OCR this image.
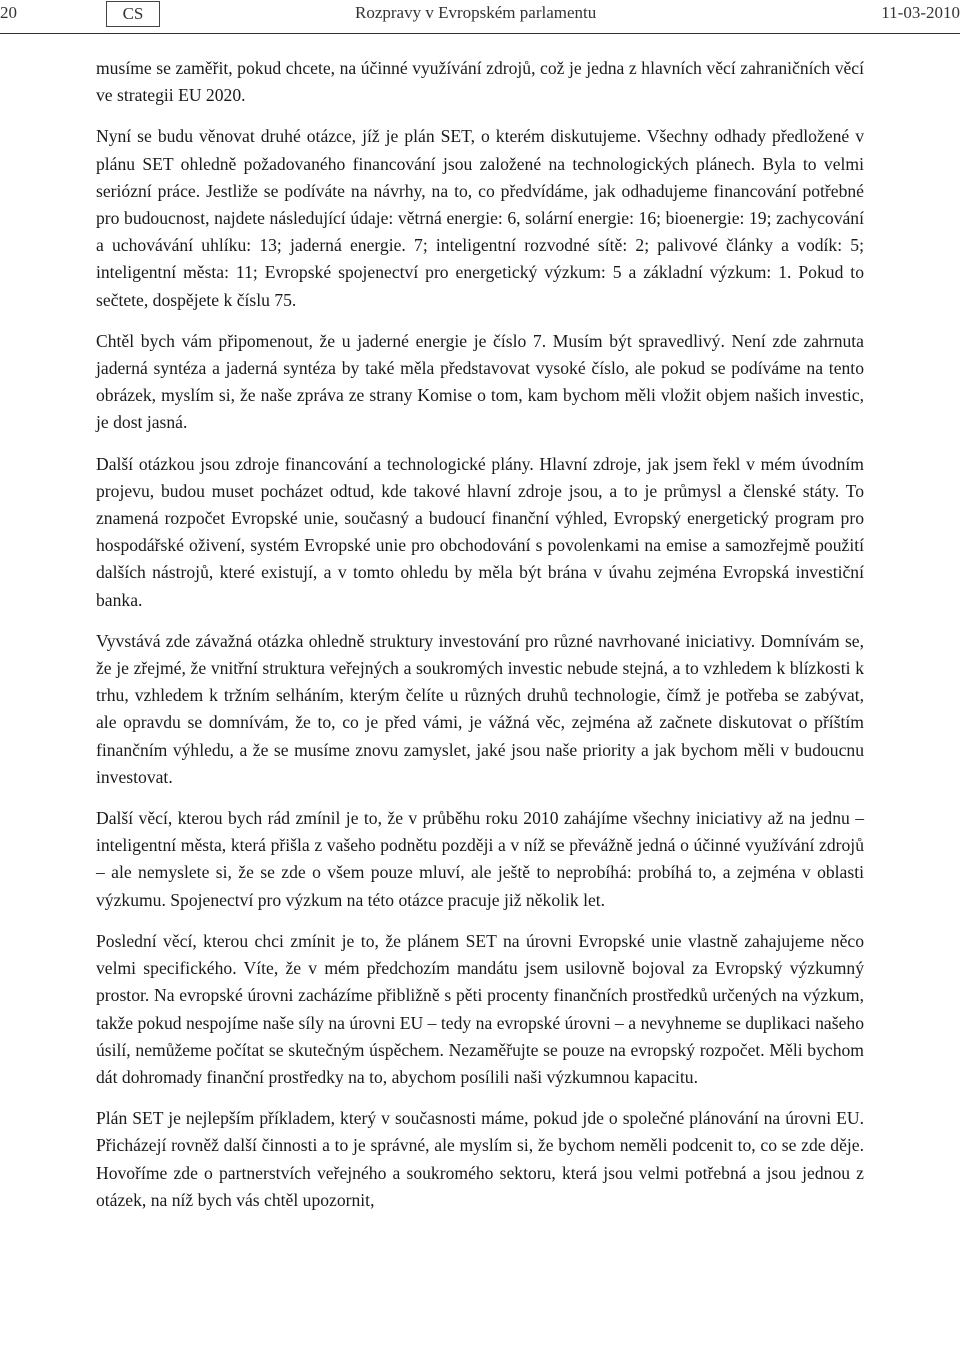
20	CS	Rozpravy v Evropském parlamentu	11-03-2010

musíme se zaměřit, pokud chcete, na účinné využívání zdrojů, což je jedna z hlavních věcí zahraničních věcí ve strategii EU 2020.

Nyní se budu věnovat druhé otázce, jíž je plán SET, o kterém diskutujeme. Všechny odhady předložené v plánu SET ohledně požadovaného financování jsou založené na technologických plánech. Byla to velmi seriózní práce. Jestliže se podíváte na návrhy, na to, co předvídáme, jak odhadujeme financování potřebné pro budoucnost, najdete následující údaje: větrná energie: 6, solární energie: 16; bioenergie: 19; zachycování a uchovávání uhlíku: 13; jaderná energie. 7; inteligentní rozvodné sítě: 2; palivové články a vodík: 5; inteligentní města: 11; Evropské spojenectví pro energetický výzkum: 5 a základní výzkum: 1. Pokud to sečtete, dospějete k číslu 75.

Chtěl bych vám připomenout, že u jaderné energie je číslo 7. Musím být spravedlivý. Není zde zahrnuta jaderná syntéza a jaderná syntéza by také měla představovat vysoké číslo, ale pokud se podíváme na tento obrázek, myslím si, že naše zpráva ze strany Komise o tom, kam bychom měli vložit objem našich investic, je dost jasná.

Další otázkou jsou zdroje financování a technologické plány. Hlavní zdroje, jak jsem řekl v mém úvodním projevu, budou muset pocházet odtud, kde takové hlavní zdroje jsou, a to je průmysl a členské státy. To znamená rozpočet Evropské unie, současný a budoucí finanční výhled, Evropský energetický program pro hospodářské oživení, systém Evropské unie pro obchodování s povolenkami na emise a samozřejmě použití dalších nástrojů, které existují, a v tomto ohledu by měla být brána v úvahu zejména Evropská investiční banka.

Vyvstává zde závažná otázka ohledně struktury investování pro různé navrhované iniciativy. Domnívám se, že je zřejmé, že vnitřní struktura veřejných a soukromých investic nebude stejná, a to vzhledem k blízkosti k trhu, vzhledem k tržním selháním, kterým čelíte u různých druhů technologie, čímž je potřeba se zabývat, ale opravdu se domnívám, že to, co je před vámi, je vážná věc, zejména až začnete diskutovat o příštím finančním výhledu, a že se musíme znovu zamyslet, jaké jsou naše priority a jak bychom měli v budoucnu investovat.

Další věcí, kterou bych rád zmínil je to, že v průběhu roku 2010 zahájíme všechny iniciativy až na jednu – inteligentní města, která přišla z vašeho podnětu později a v níž se převážně jedná o účinné využívání zdrojů – ale nemyslete si, že se zde o všem pouze mluví, ale ještě to neprobíhá: probíhá to, a zejména v oblasti výzkumu. Spojenectví pro výzkum na této otázce pracuje již několik let.

Poslední věcí, kterou chci zmínit je to, že plánem SET na úrovni Evropské unie vlastně zahajujeme něco velmi specifického. Víte, že v mém předchozím mandátu jsem usilovně bojoval za Evropský výzkumný prostor. Na evropské úrovni zacházíme přibližně s pěti procenty finančních prostředků určených na výzkum, takže pokud nespojíme naše síly na úrovni EU – tedy na evropské úrovni – a nevyhneme se duplikaci našeho úsilí, nemůžeme počítat se skutečným úspěchem. Nezaměřujte se pouze na evropský rozpočet. Měli bychom dát dohromady finanční prostředky na to, abychom posílili naši výzkumnou kapacitu.

Plán SET je nejlepším příkladem, který v současnosti máme, pokud jde o společné plánování na úrovni EU. Přicházejí rovněž další činnosti a to je správné, ale myslím si, že bychom neměli podcenit to, co se zde děje. Hovoříme zde o partnerstvích veřejného a soukromého sektoru, která jsou velmi potřebná a jsou jednou z otázek, na níž bych vás chtěl upozornit,
